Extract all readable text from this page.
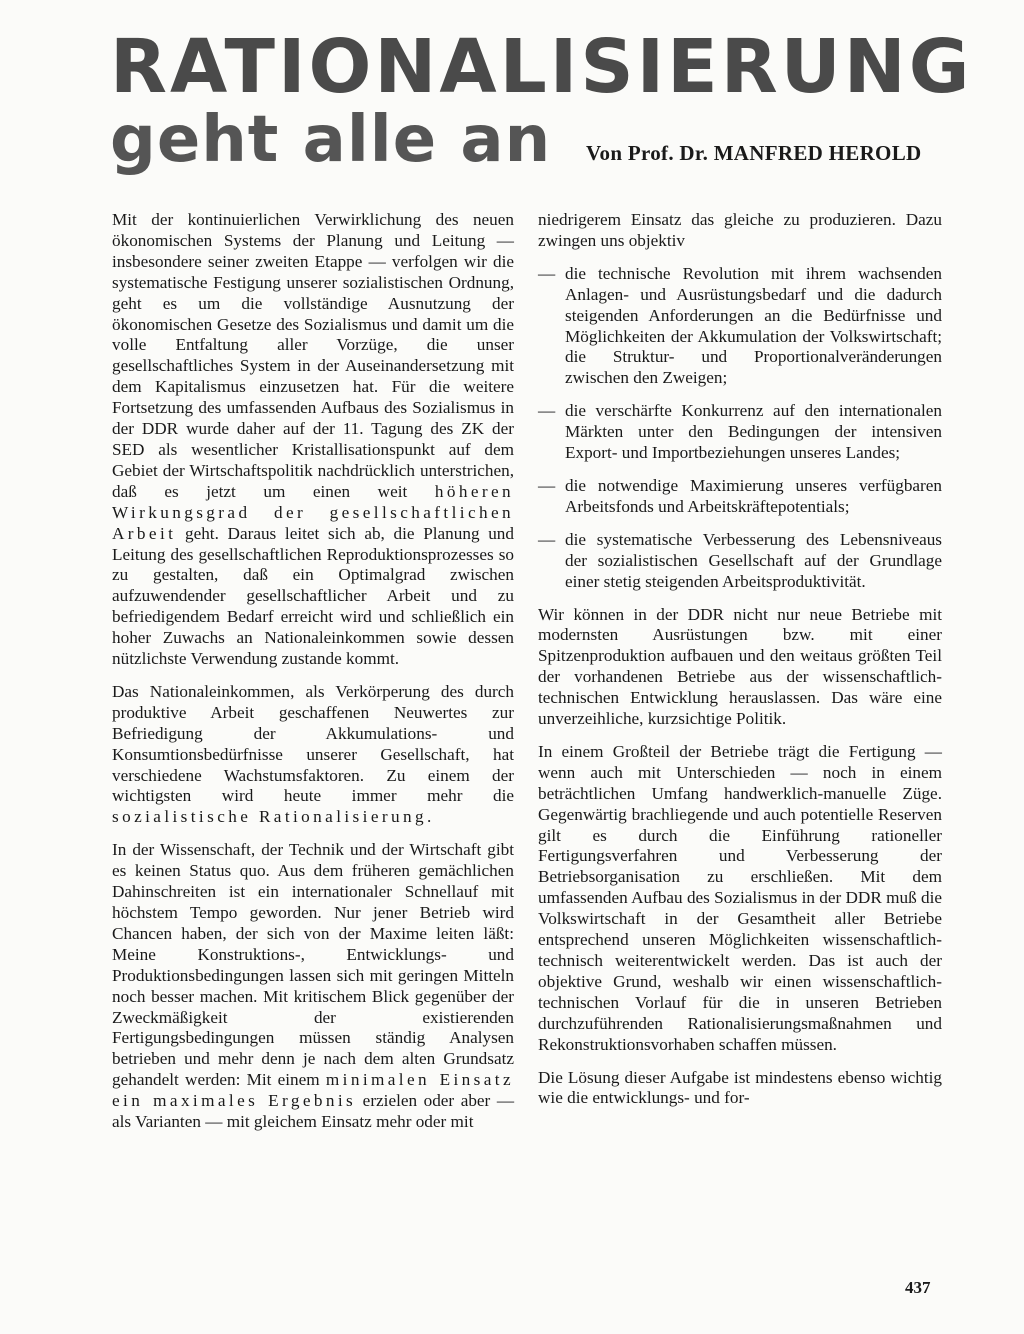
RATIONALISIERUNG
geht alle an	Von Prof. Dr. MANFRED HEROLD

Mit der kontinuierlichen Verwirklichung des neuen ökonomischen Systems der Planung und Leitung — insbesondere seiner zweiten Etappe — verfolgen wir die systematische Festigung unserer sozialistischen Ordnung, geht es um die vollständige Ausnutzung der ökonomischen Gesetze des Sozialismus und damit um die volle Entfaltung aller Vorzüge, die unser gesellschaftliches System in der Auseinandersetzung mit dem Kapitalismus einzusetzen hat. Für die weitere Fortsetzung des umfassenden Aufbaus des Sozialismus in der DDR wurde daher auf der 11. Tagung des ZK der SED als wesentlicher Kristallisationspunkt auf dem Gebiet der Wirtschaftspolitik nachdrücklich unterstrichen, daß es jetzt um einen weit höheren Wirkungsgrad der gesellschaftlichen Arbeit geht. Daraus leitet sich ab, die Planung und Leitung des gesellschaftlichen Reproduktionsprozesses so zu gestalten, daß ein Optimalgrad zwischen aufzuwendender gesellschaftlicher Arbeit und zu befriedigendem Bedarf erreicht wird und schließlich ein hoher Zuwachs an Nationaleinkommen sowie dessen nützlichste Verwendung zustande kommt.

Das Nationaleinkommen, als Verkörperung des durch produktive Arbeit geschaffenen Neuwertes zur Befriedigung der Akkumulations- und Konsumtionsbedürfnisse unserer Gesellschaft, hat verschiedene Wachstumsfaktoren. Zu einem der wichtigsten wird heute immer mehr die sozialistische Rationalisierung.

In der Wissenschaft, der Technik und der Wirtschaft gibt es keinen Status quo. Aus dem früheren gemächlichen Dahinschreiten ist ein internationaler Schnellauf mit höchstem Tempo geworden. Nur jener Betrieb wird Chancen haben, der sich von der Maxime leiten läßt: Meine Konstruktions-, Entwicklungs- und Produktionsbedingungen lassen sich mit geringen Mitteln noch besser machen. Mit kritischem Blick gegenüber der Zweckmäßigkeit der existierenden Fertigungsbedingungen müssen ständig Analysen betrieben und mehr denn je nach dem alten Grundsatz gehandelt werden: Mit einem minimalen Einsatz ein maximales Ergebnis erzielen oder aber — als Varianten — mit gleichem Einsatz mehr oder mit

niedrigerem Einsatz das gleiche zu produzieren. Dazu zwingen uns objektiv

— die technische Revolution mit ihrem wachsenden Anlagen- und Ausrüstungsbedarf und die dadurch steigenden Anforderungen an die Bedürfnisse und Möglichkeiten der Akkumulation der Volkswirtschaft; die Struktur- und Proportionalveränderungen zwischen den Zweigen;
— die verschärfte Konkurrenz auf den internationalen Märkten unter den Bedingungen der intensiven Export- und Importbeziehungen unseres Landes;
— die notwendige Maximierung unseres verfügbaren Arbeitsfonds und Arbeitskräftepotentials;
— die systematische Verbesserung des Lebensniveaus der sozialistischen Gesellschaft auf der Grundlage einer stetig steigenden Arbeitsproduktivität.

Wir können in der DDR nicht nur neue Betriebe mit modernsten Ausrüstungen bzw. mit einer Spitzenproduktion aufbauen und den weitaus größten Teil der vorhandenen Betriebe aus der wissenschaftlich-technischen Entwicklung herauslassen. Das wäre eine unverzeihliche, kurzsichtige Politik.

In einem Großteil der Betriebe trägt die Fertigung — wenn auch mit Unterschieden — noch in einem beträchtlichen Umfang handwerklich-manuelle Züge. Gegenwärtig brachliegende und auch potentielle Reserven gilt es durch die Einführung rationeller Fertigungsverfahren und Verbesserung der Betriebsorganisation zu erschließen. Mit dem umfassenden Aufbau des Sozialismus in der DDR muß die Volkswirtschaft in der Gesamtheit aller Betriebe entsprechend unseren Möglichkeiten wissenschaftlich-technisch weiterentwickelt werden. Das ist auch der objektive Grund, weshalb wir einen wissenschaftlich-technischen Vorlauf für die in unseren Betrieben durchzuführenden Rationalisierungsmaßnahmen und Rekonstruktionsvorhaben schaffen müssen.

Die Lösung dieser Aufgabe ist mindestens ebenso wichtig wie die entwicklungs- und for-

437
